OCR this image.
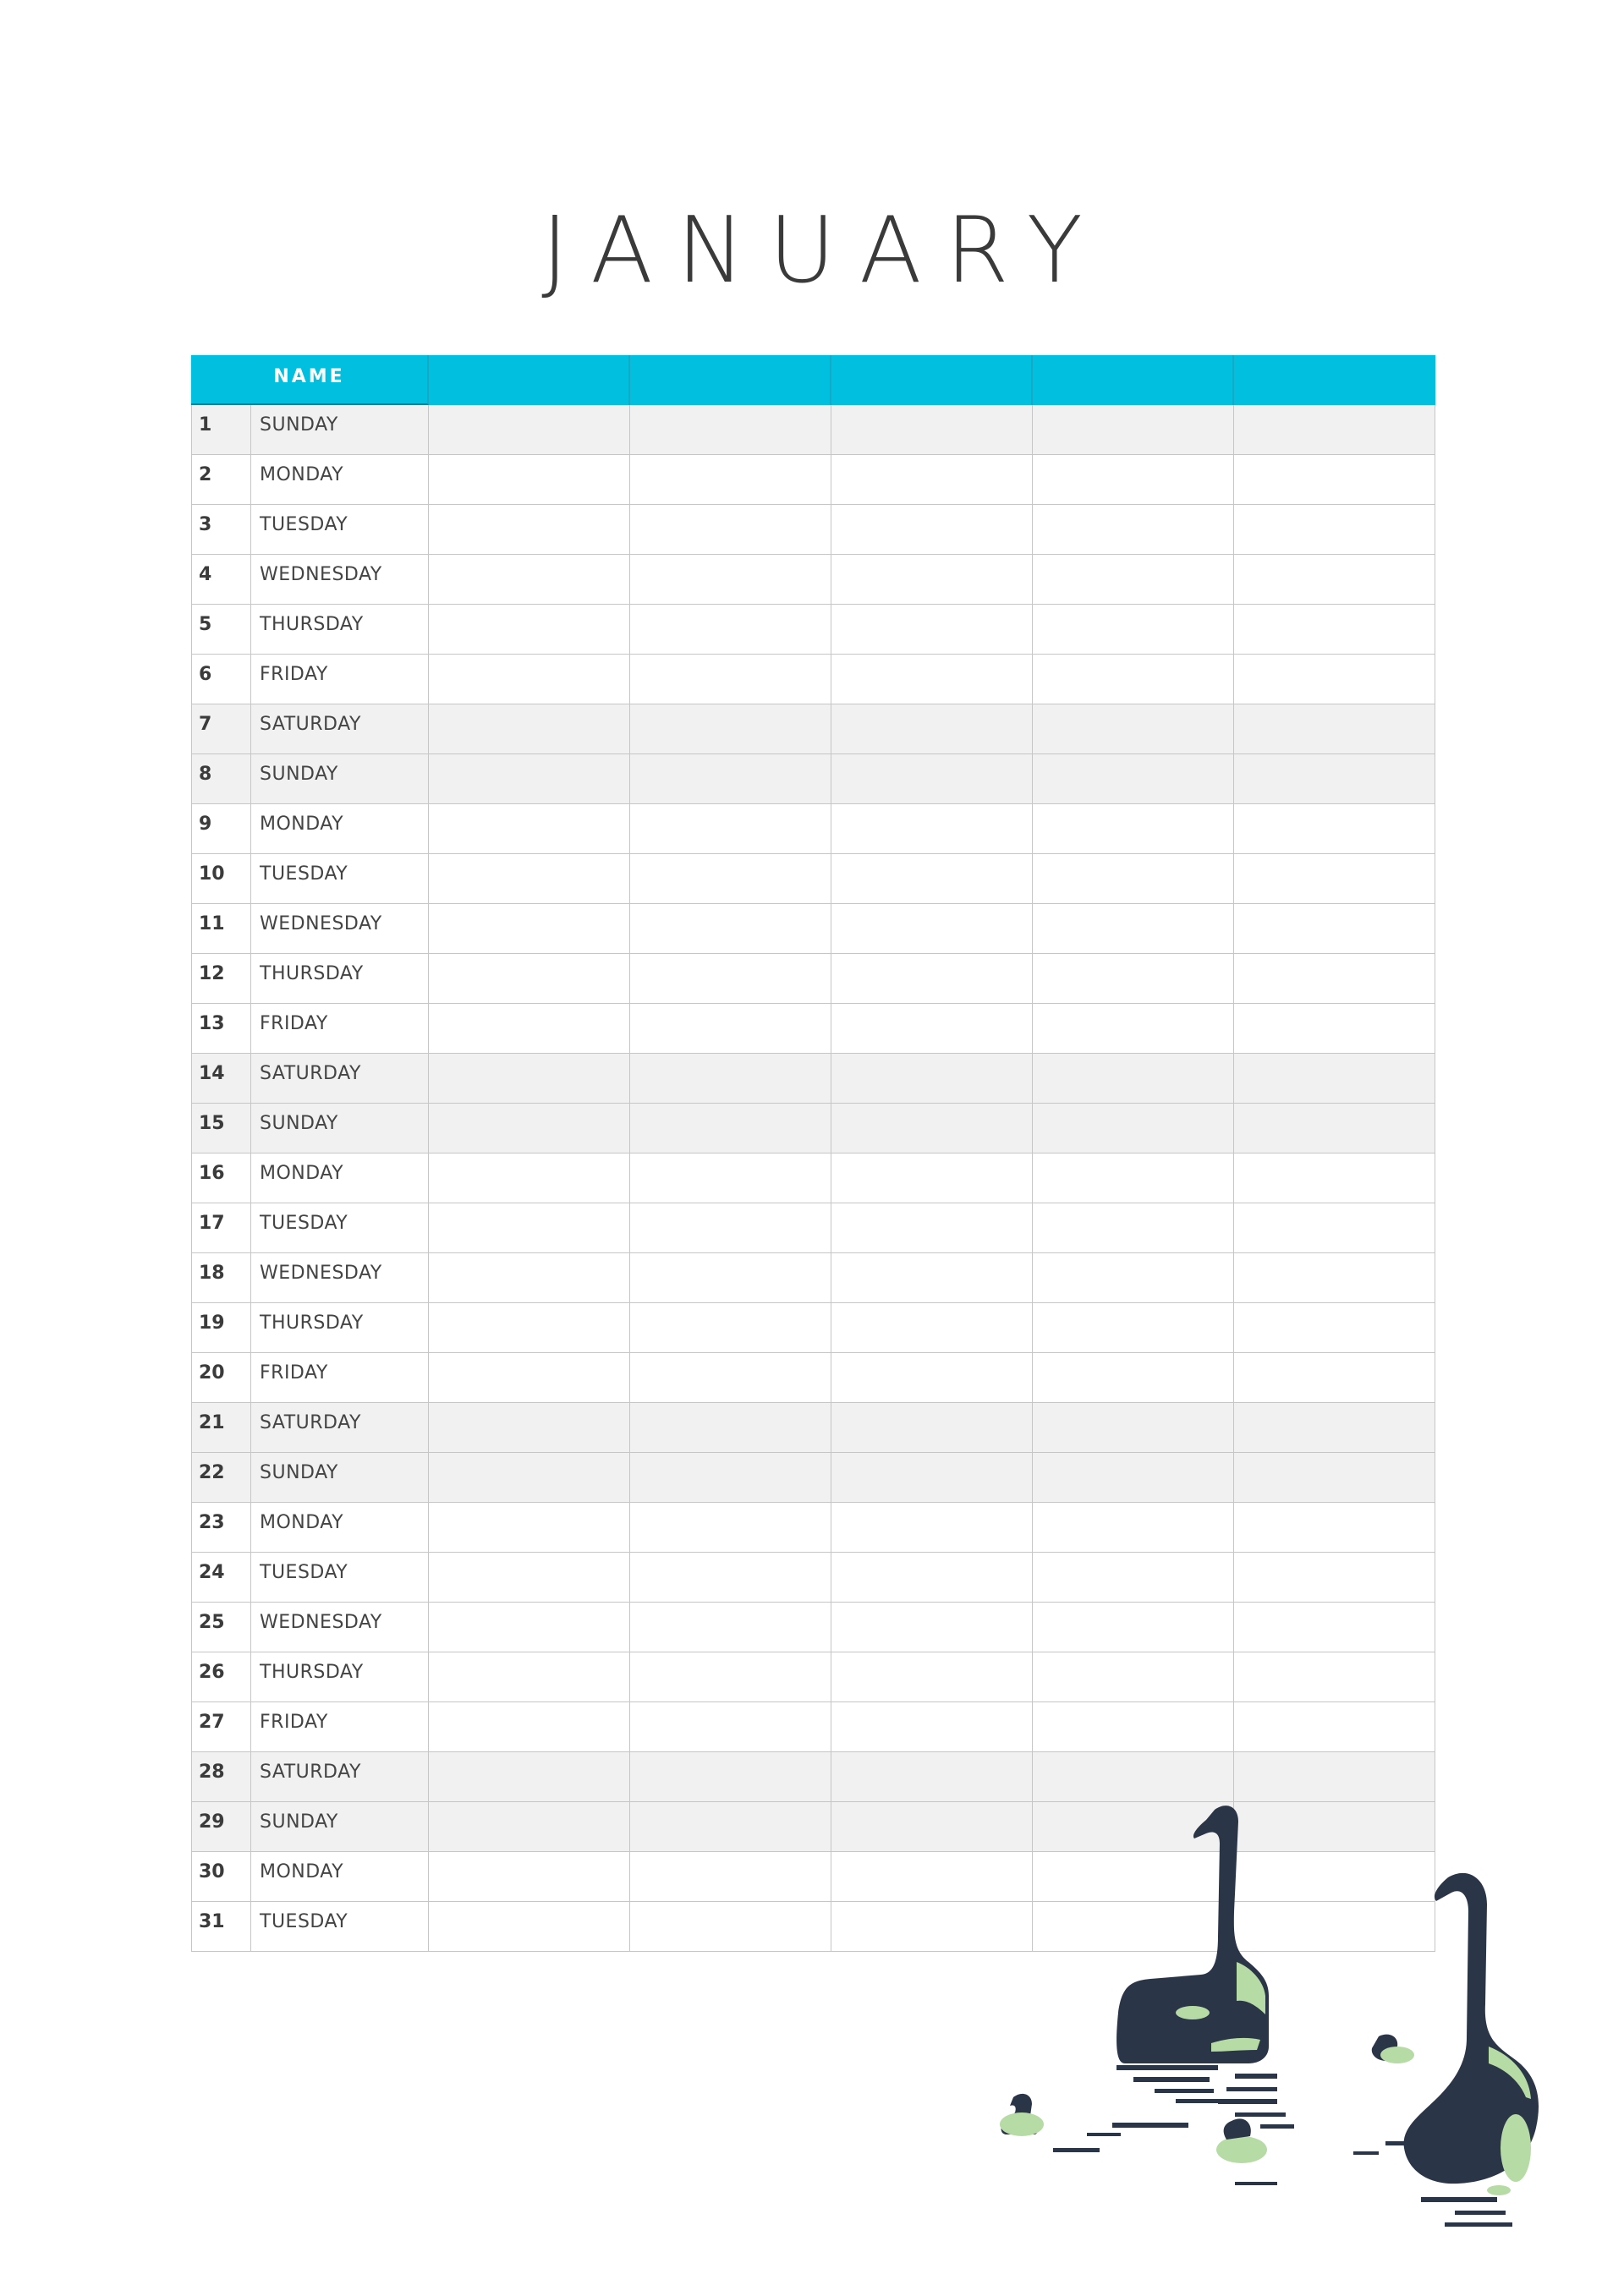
JANUARY
NAME
1	SUNDAY
2	MONDAY
3	TUESDAY
4	WEDNESDAY
5	THURSDAY
6	FRIDAY
7	SATURDAY
8	SUNDAY
9	MONDAY
10	TUESDAY
11	WEDNESDAY
12	THURSDAY
13	FRIDAY
14	SATURDAY
15	SUNDAY
16	MONDAY
17	TUESDAY
18	WEDNESDAY
19	THURSDAY
20	FRIDAY
21	SATURDAY
22	SUNDAY
23	MONDAY
24	TUESDAY
25	WEDNESDAY
26	THURSDAY
27	FRIDAY
28	SATURDAY
29	SUNDAY
30	MONDAY
31	TUESDAY
